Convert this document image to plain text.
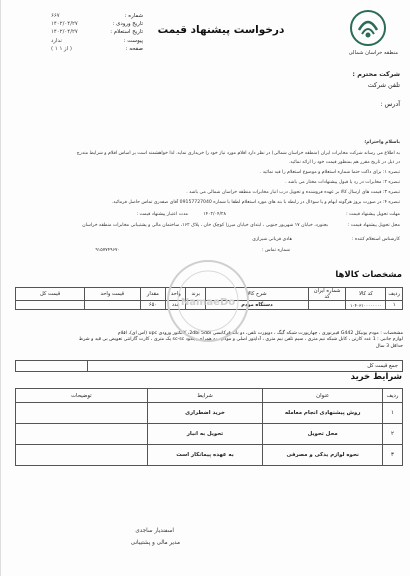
منطقه خراسان شمالی
درخواست پیشنهاد قیمت
شماره :
۶۶۷
تاریخ ورودی :
۱۴۰۲/۰۴/۲۷
تاریخ استعلام :
۱۴۰۲/۰۴/۲۷
پیوست :
ندارد
صفحه :
( ۱ از ۱ )
شرکت محترم :
تلفن شرکت
آدرس :
باسلام واحترام؛
به اطلاع می رساند شرکت مخابرات ایران (منطقه خراسان شمالی) در نظر دارد اقلام مورد نیاز خود را خریداری نماید. لذا خواهشمند است بر اساس اقلام و شرایط مندرج
در ذیل در تاریخ مقرر هم بمنظور قیمت خود را ارائه نمائید.
تبصره ۱: برای داکت حتما شماره استعلام و موضوع استعلام را قید نمائید .
تبصره ۲: مخابرات در رد یا قبول پیشنهادات مختار می باشد .
تبصره ۳: قیمت های ارسال کالا بر عهده فروشنده و تحویل درب انبار مخابرات منطقه خراسان شمالی می باشد .
تبصره ۴: در صورت بروز هرگونه ابهام و یا سوءال در رابطه با بند های مورد استعلام لطفا با شماره 09157727040 آقای صفدری تماس حاصل فرمائید.
مهلت تحویل پیشنهاد قیمت :
۱۴۰۲/۰۴/۲۸
مدت اعتبار پیشنهاد قیمت :
محل تحویل پیشنهاد قیمت :
بجنورد، خیابان ۱۷ شهریور جنوبی ، ابتدای خیابان میرزا کوچک خان ، پلاک ۱۶۲، ساختمان مالی و پشتیبانی مخابرات منطقه خراسان
کارشناس استعلام کننده :
هادی قربانی شیرازی
شماره تماس :
۹۱۵۷۷۴۹۶۷۰
مشخصات کالاها
ردیف	کد کالا	شماره ایران کد	شرح کالا	برند	واحد	مقدار	قیمت واحد	قیمت کل
۱	۱۰۴۰۳۱۰۰۰۰۰۰۰۰		دستگاه مودم		عدد	۶۵۰		
مشخصات : مودم یونیکل G442 فیبرنوری ، چهارپورت شبکه گیگ ، دوپورت تلفن، دو باند فرکانسی 2dbi 5dbi، کانکتور ورودی upc (اس ای)، اقلام
لوازم جانبی : 1 عدد کارتن ، کابل شبکه نیم متری ، سیم تلفن نیم متری ، آداپتور اصلی و مودم ، به همراه پیچکود sc-sc یک متری ، کارت گارانتی تعویض بی قید و شرط
حداقل 3 سال
جمع قیمت کل
NamaeDo
شرایط خرید
ردیف	عنوان	شرایط	توضیحات
۱	روش پیشنهادی انجام معامله	خرید اضطراری	
۲	محل تحویل	تحویل به انبار	
۳	نحوه لوازم یدکی و مصرفی	به عهده پیمانکار است	
اسفندیار ساجدی
مدیر مالی و پشتیبانی
